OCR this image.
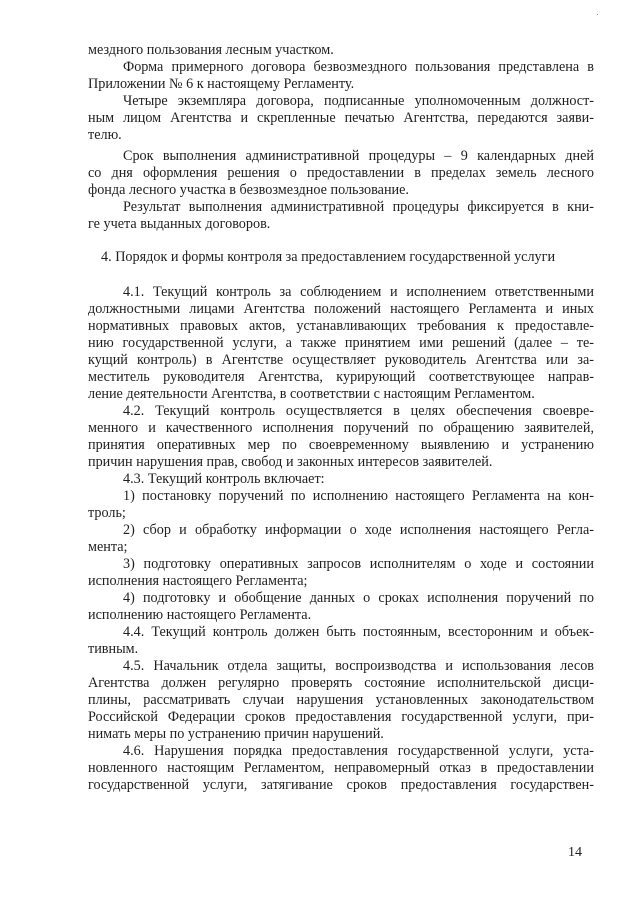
мездного пользования лесным участком.
Форма примерного договора безвозмездного пользования представлена в
Приложении № 6 к настоящему Регламенту.
Четыре экземпляра договора, подписанные уполномоченным должност-
ным лицом Агентства и скрепленные печатью Агентства, передаются заяви-
телю.
Срок выполнения административной процедуры – 9 календарных дней
со дня оформления решения о предоставлении в пределах земель лесного
фонда лесного участка в безвозмездное пользование.
Результат выполнения административной процедуры фиксируется в кни-
ге учета выданных договоров.
4. Порядок и формы контроля за предоставлением государственной услуги
4.1. Текущий контроль за соблюдением и исполнением ответственными
должностными лицами Агентства положений настоящего Регламента и иных
нормативных правовых актов, устанавливающих требования к предоставле-
нию государственной услуги, а также принятием ими решений (далее – те-
кущий контроль) в Агентстве осуществляет руководитель Агентства или за-
меститель руководителя Агентства, курирующий соответствующее направ-
ление деятельности Агентства, в соответствии с настоящим Регламентом.
4.2. Текущий контроль осуществляется в целях обеспечения своевре-
менного и качественного исполнения поручений по обращению заявителей,
принятия оперативных мер по своевременному выявлению и устранению
причин нарушения прав, свобод и законных интересов заявителей.
4.3. Текущий контроль включает:
1) постановку поручений по исполнению настоящего Регламента на кон-
троль;
2) сбор и обработку информации о ходе исполнения настоящего Регла-
мента;
3) подготовку оперативных запросов исполнителям о ходе и состоянии
исполнения настоящего Регламента;
4) подготовку и обобщение данных о сроках исполнения поручений по
исполнению настоящего Регламента.
4.4. Текущий контроль должен быть постоянным, всесторонним и объек-
тивным.
4.5. Начальник отдела защиты, воспроизводства и использования лесов
Агентства должен регулярно проверять состояние исполнительской дисци-
плины, рассматривать случаи нарушения установленных законодательством
Российской Федерации сроков предоставления государственной услуги, при-
нимать меры по устранению причин нарушений.
4.6. Нарушения порядка предоставления государственной услуги, уста-
новленного настоящим Регламентом, неправомерный отказ в предоставлении
государственной услуги, затягивание сроков предоставления государствен-
14
